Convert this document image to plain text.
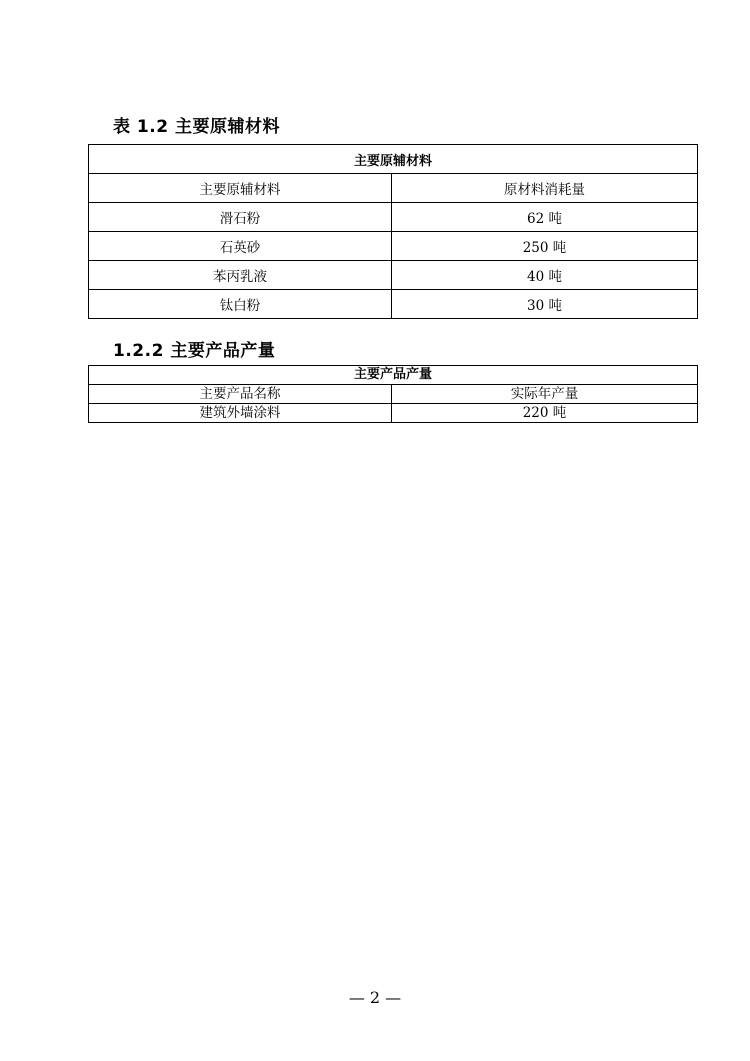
表 1.2 主要原辅材料
主要原辅材料	
主要原辅材料	原材料消耗量
滑石粉	62 吨
石英砂	250 吨
苯丙乳液	40 吨
钛白粉	30 吨
1.2.2 主要产品产量
主要产品产量	
主要产品名称	实际年产量
建筑外墙涂料	220 吨
— 2 —
